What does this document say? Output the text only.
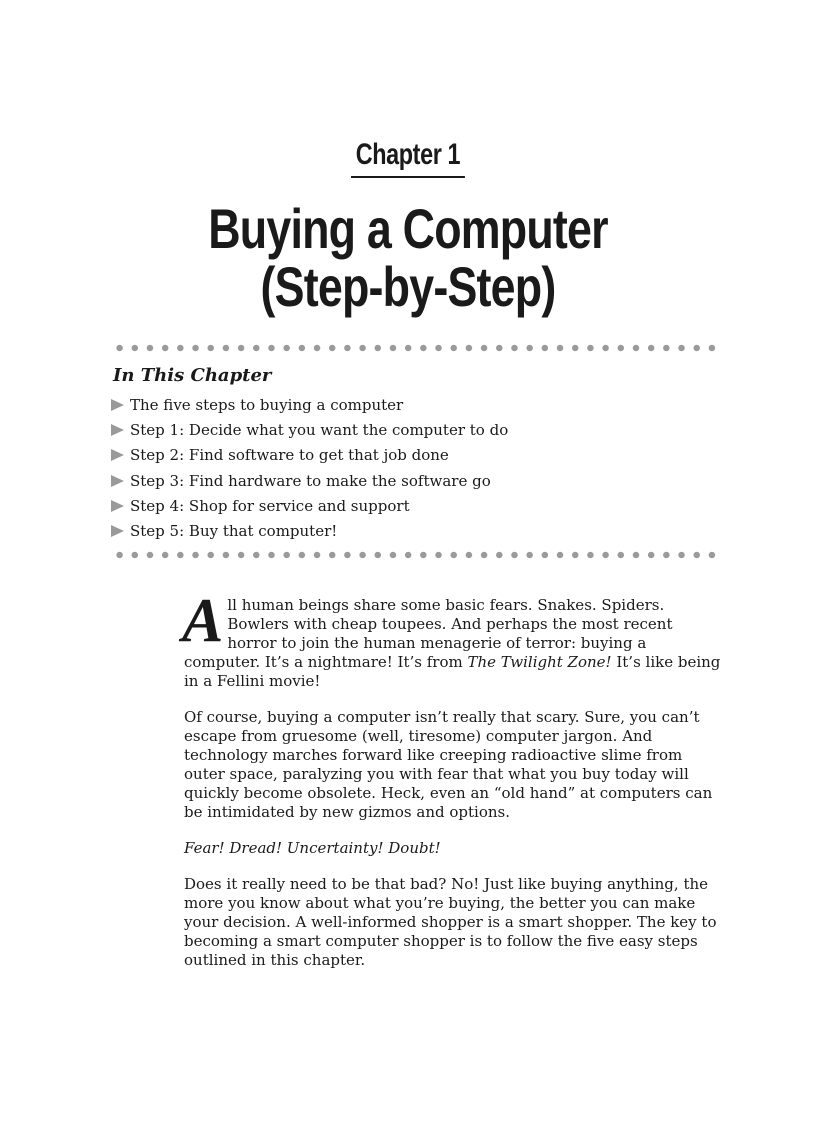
Chapter 1
Buying a Computer
(Step-by-Step)
In This Chapter
The five steps to buying a computer
Step 1: Decide what you want the computer to do
Step 2: Find software to get that job done
Step 3: Find hardware to make the software go
Step 4: Shop for service and support
Step 5: Buy that computer!

All human beings share some basic fears. Snakes. Spiders. Bowlers with cheap toupees. And perhaps the most recent horror to join the human menagerie of terror: buying a computer. It’s a nightmare! It’s from The Twilight Zone! It’s like being in a Fellini movie!

Of course, buying a computer isn’t really that scary. Sure, you can’t escape from gruesome (well, tiresome) computer jargon. And technology marches forward like creeping radioactive slime from outer space, paralyzing you with fear that what you buy today will quickly become obsolete. Heck, even an “old hand” at computers can be intimidated by new gizmos and options.

Fear! Dread! Uncertainty! Doubt!

Does it really need to be that bad? No! Just like buying anything, the more you know about what you’re buying, the better you can make your decision. A well-informed shopper is a smart shopper. The key to becoming a smart computer shopper is to follow the five easy steps outlined in this chapter.
